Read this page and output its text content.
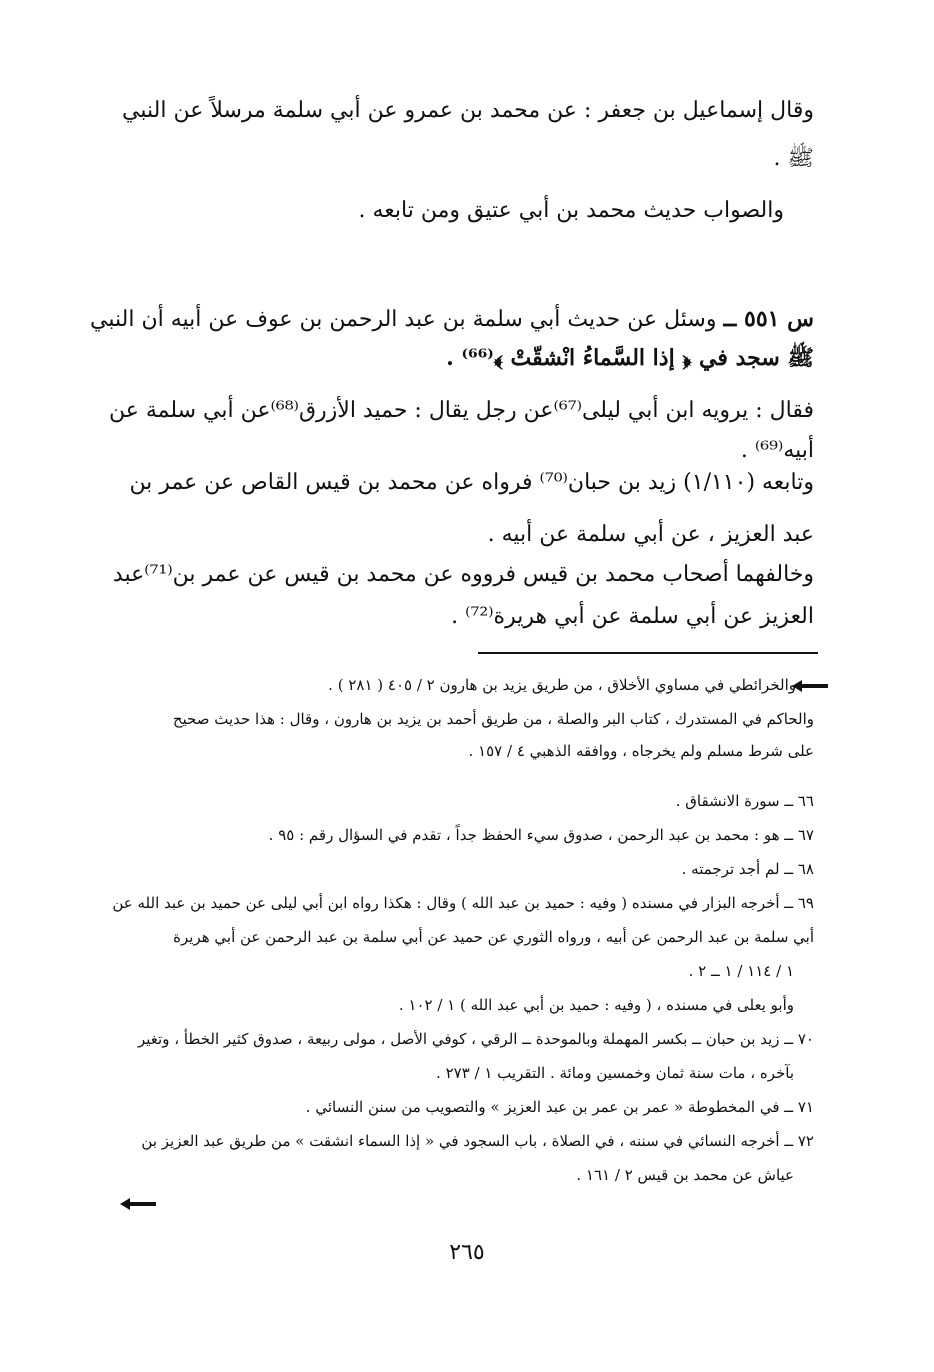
وقال إسماعيل بن جعفر : عن محمد بن عمرو عن أبي سلمة مرسلاً عن النبي
ﷺ .
والصواب حديث محمد بن أبي عتيق ومن تابعه .
س ٥٥١ ــ وسئل عن حديث أبي سلمة بن عبد الرحمن بن عوف عن أبيه أن النبي
ﷺ سجد في ﴿ إذا السَّماءُ انْشقّتْ ﴾⁽⁶⁶⁾ .
فقال : يرويه ابن أبي ليلى⁽⁶⁷⁾عن رجل يقال : حميد الأزرق⁽⁶⁸⁾عن أبي سلمة عن
أبيه⁽⁶⁹⁾ .
وتابعه (١/١١٠) زيد بن حبان⁽⁷⁰⁾ فرواه عن محمد بن قيس القاص عن عمر بن
عبد العزيز ، عن أبي سلمة عن أبيه .
وخالفهما أصحاب محمد بن قيس فرووه عن محمد بن قيس عن عمر بن⁽⁷¹⁾عبد
العزيز عن أبي سلمة عن أبي هريرة⁽⁷²⁾ .
والخرائطي في مساوي الأخلاق ، من طريق يزيد بن هارون ٢ / ٤٠٥ ( ٢٨١ ) .
والحاكم في المستدرك ، كتاب البر والصلة ، من طريق أحمد بن يزيد بن هارون ، وقال : هذا حديث صحيح
على شرط مسلم ولم يخرجاه ، ووافقه الذهبي ٤ / ١٥٧ .
٦٦ ــ سورة الانشقاق .
٦٧ ــ هو : محمد بن عبد الرحمن ، صدوق سيء الحفظ جداً ، تقدم في السؤال رقم : ٩٥ .
٦٨ ــ لم أجد ترجمته .
٦٩ ــ أخرجه البزار في مسنده ( وفيه : حميد بن عبد الله ) وقال : هكذا رواه ابن أبي ليلى عن حميد بن عبد الله عن
أبي سلمة بن عبد الرحمن عن أبيه ، ورواه الثوري عن حميد عن أبي سلمة بن عبد الرحمن عن أبي هريرة
١ / ١١٤ / ١ ــ ٢ .
وأبو يعلى في مسنده ، ( وفيه : حميد بن أبي عبد الله ) ١ / ١٠٢ .
٧٠ ــ زيد بن حبان ــ بكسر المهملة وبالموحدة ــ الرقي ، كوفي الأصل ، مولى ربيعة ، صدوق كثير الخطأ ، وتغير
بآخره ، مات سنة ثمان وخمسين ومائة . التقريب ١ / ٢٧٣ .
٧١ ــ في المخطوطة « عمر بن عمر بن عبد العزيز » والتصويب من سنن النسائي .
٧٢ ــ أخرجه النسائي في سننه ، في الصلاة ، باب السجود في « إذا السماء انشقت » من طريق عبد العزيز بن
عياش عن محمد بن قيس ٢ / ١٦١ .
٢٦٥
